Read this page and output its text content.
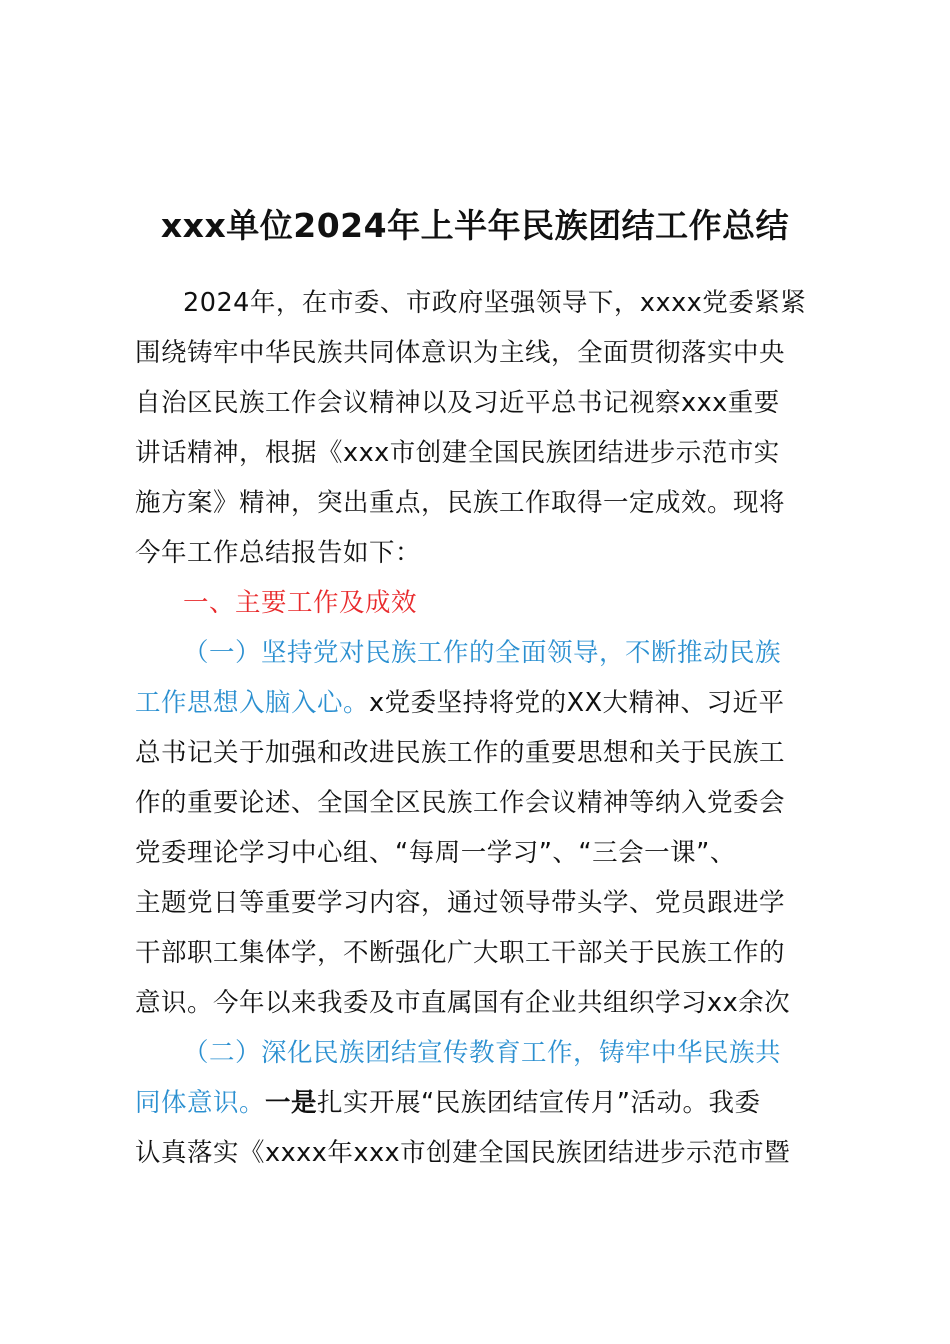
xxx单位2024年上半年民族团结工作总结
2024年，在市委、市政府坚强领导下，xxxx党委紧紧
围绕铸牢中华民族共同体意识为主线，全面贯彻落实中央
自治区民族工作会议精神以及习近平总书记视察xxx重要
讲话精神，根据《xxx市创建全国民族团结进步示范市实
施方案》精神，突出重点，民族工作取得一定成效。现将
今年工作总结报告如下：
一、主要工作及成效
（一）坚持党对民族工作的全面领导，不断推动民族
工作思想入脑入心。x党委坚持将党的XX大精神、习近平
总书记关于加强和改进民族工作的重要思想和关于民族工
作的重要论述、全国全区民族工作会议精神等纳入党委会
党委理论学习中心组、“每周一学习”、“三会一课”、
主题党日等重要学习内容，通过领导带头学、党员跟进学
干部职工集体学，不断强化广大职工干部关于民族工作的
意识。今年以来我委及市直属国有企业共组织学习xx余次
（二）深化民族团结宣传教育工作，铸牢中华民族共
同体意识。一是扎实开展“民族团结宣传月”活动。我委
认真落实《xxxx年xxx市创建全国民族团结进步示范市暨
